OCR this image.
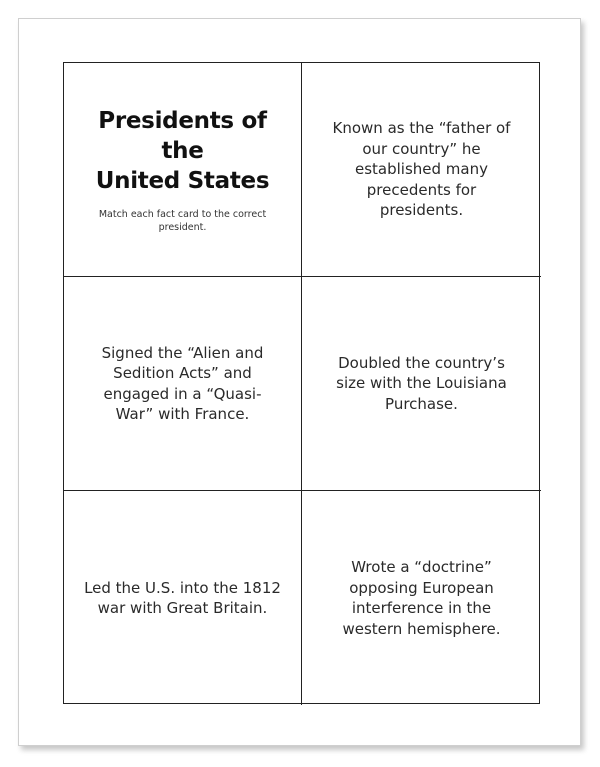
Presidents of the
United States
Match each fact card to the correct president.
Known as the “father of our country” he established many precedents for presidents.
Signed the “Alien and Sedition Acts” and engaged in a “Quasi-War” with France.
Doubled the country’s size with the Louisiana Purchase.
Led the U.S. into the 1812 war with Great Britain.
Wrote a “doctrine” opposing European interference in the western hemisphere.
